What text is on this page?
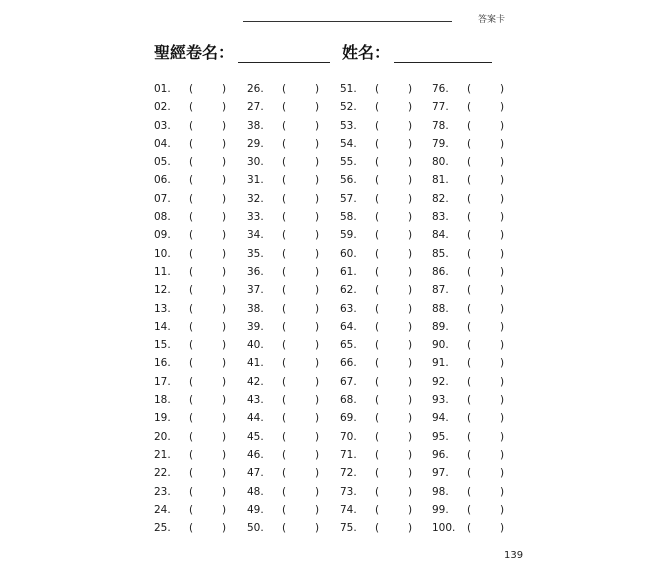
答案卡
聖經卷名：	姓名：
01. (	) 26. (	) 51. (	) 76. (	)
02. (	) 27. (	) 52. (	) 77. (	)
03. (	) 38. (	) 53. (	) 78. (	)
04. (	) 29. (	) 54. (	) 79. (	)
05. (	) 30. (	) 55. (	) 80. (	)
06. (	) 31. (	) 56. (	) 81. (	)
07. (	) 32. (	) 57. (	) 82. (	)
08. (	) 33. (	) 58. (	) 83. (	)
09. (	) 34. (	) 59. (	) 84. (	)
10. (	) 35. (	) 60. (	) 85. (	)
11. (	) 36. (	) 61. (	) 86. (	)
12. (	) 37. (	) 62. (	) 87. (	)
13. (	) 38. (	) 63. (	) 88. (	)
14. (	) 39. (	) 64. (	) 89. (	)
15. (	) 40. (	) 65. (	) 90. (	)
16. (	) 41. (	) 66. (	) 91. (	)
17. (	) 42. (	) 67. (	) 92. (	)
18. (	) 43. (	) 68. (	) 93. (	)
19. (	) 44. (	) 69. (	) 94. (	)
20. (	) 45. (	) 70. (	) 95. (	)
21. (	) 46. (	) 71. (	) 96. (	)
22. (	) 47. (	) 72. (	) 97. (	)
23. (	) 48. (	) 73. (	) 98. (	)
24. (	) 49. (	) 74. (	) 99. (	)
25. (	) 50. (	) 75. (	) 100. (	)
139
